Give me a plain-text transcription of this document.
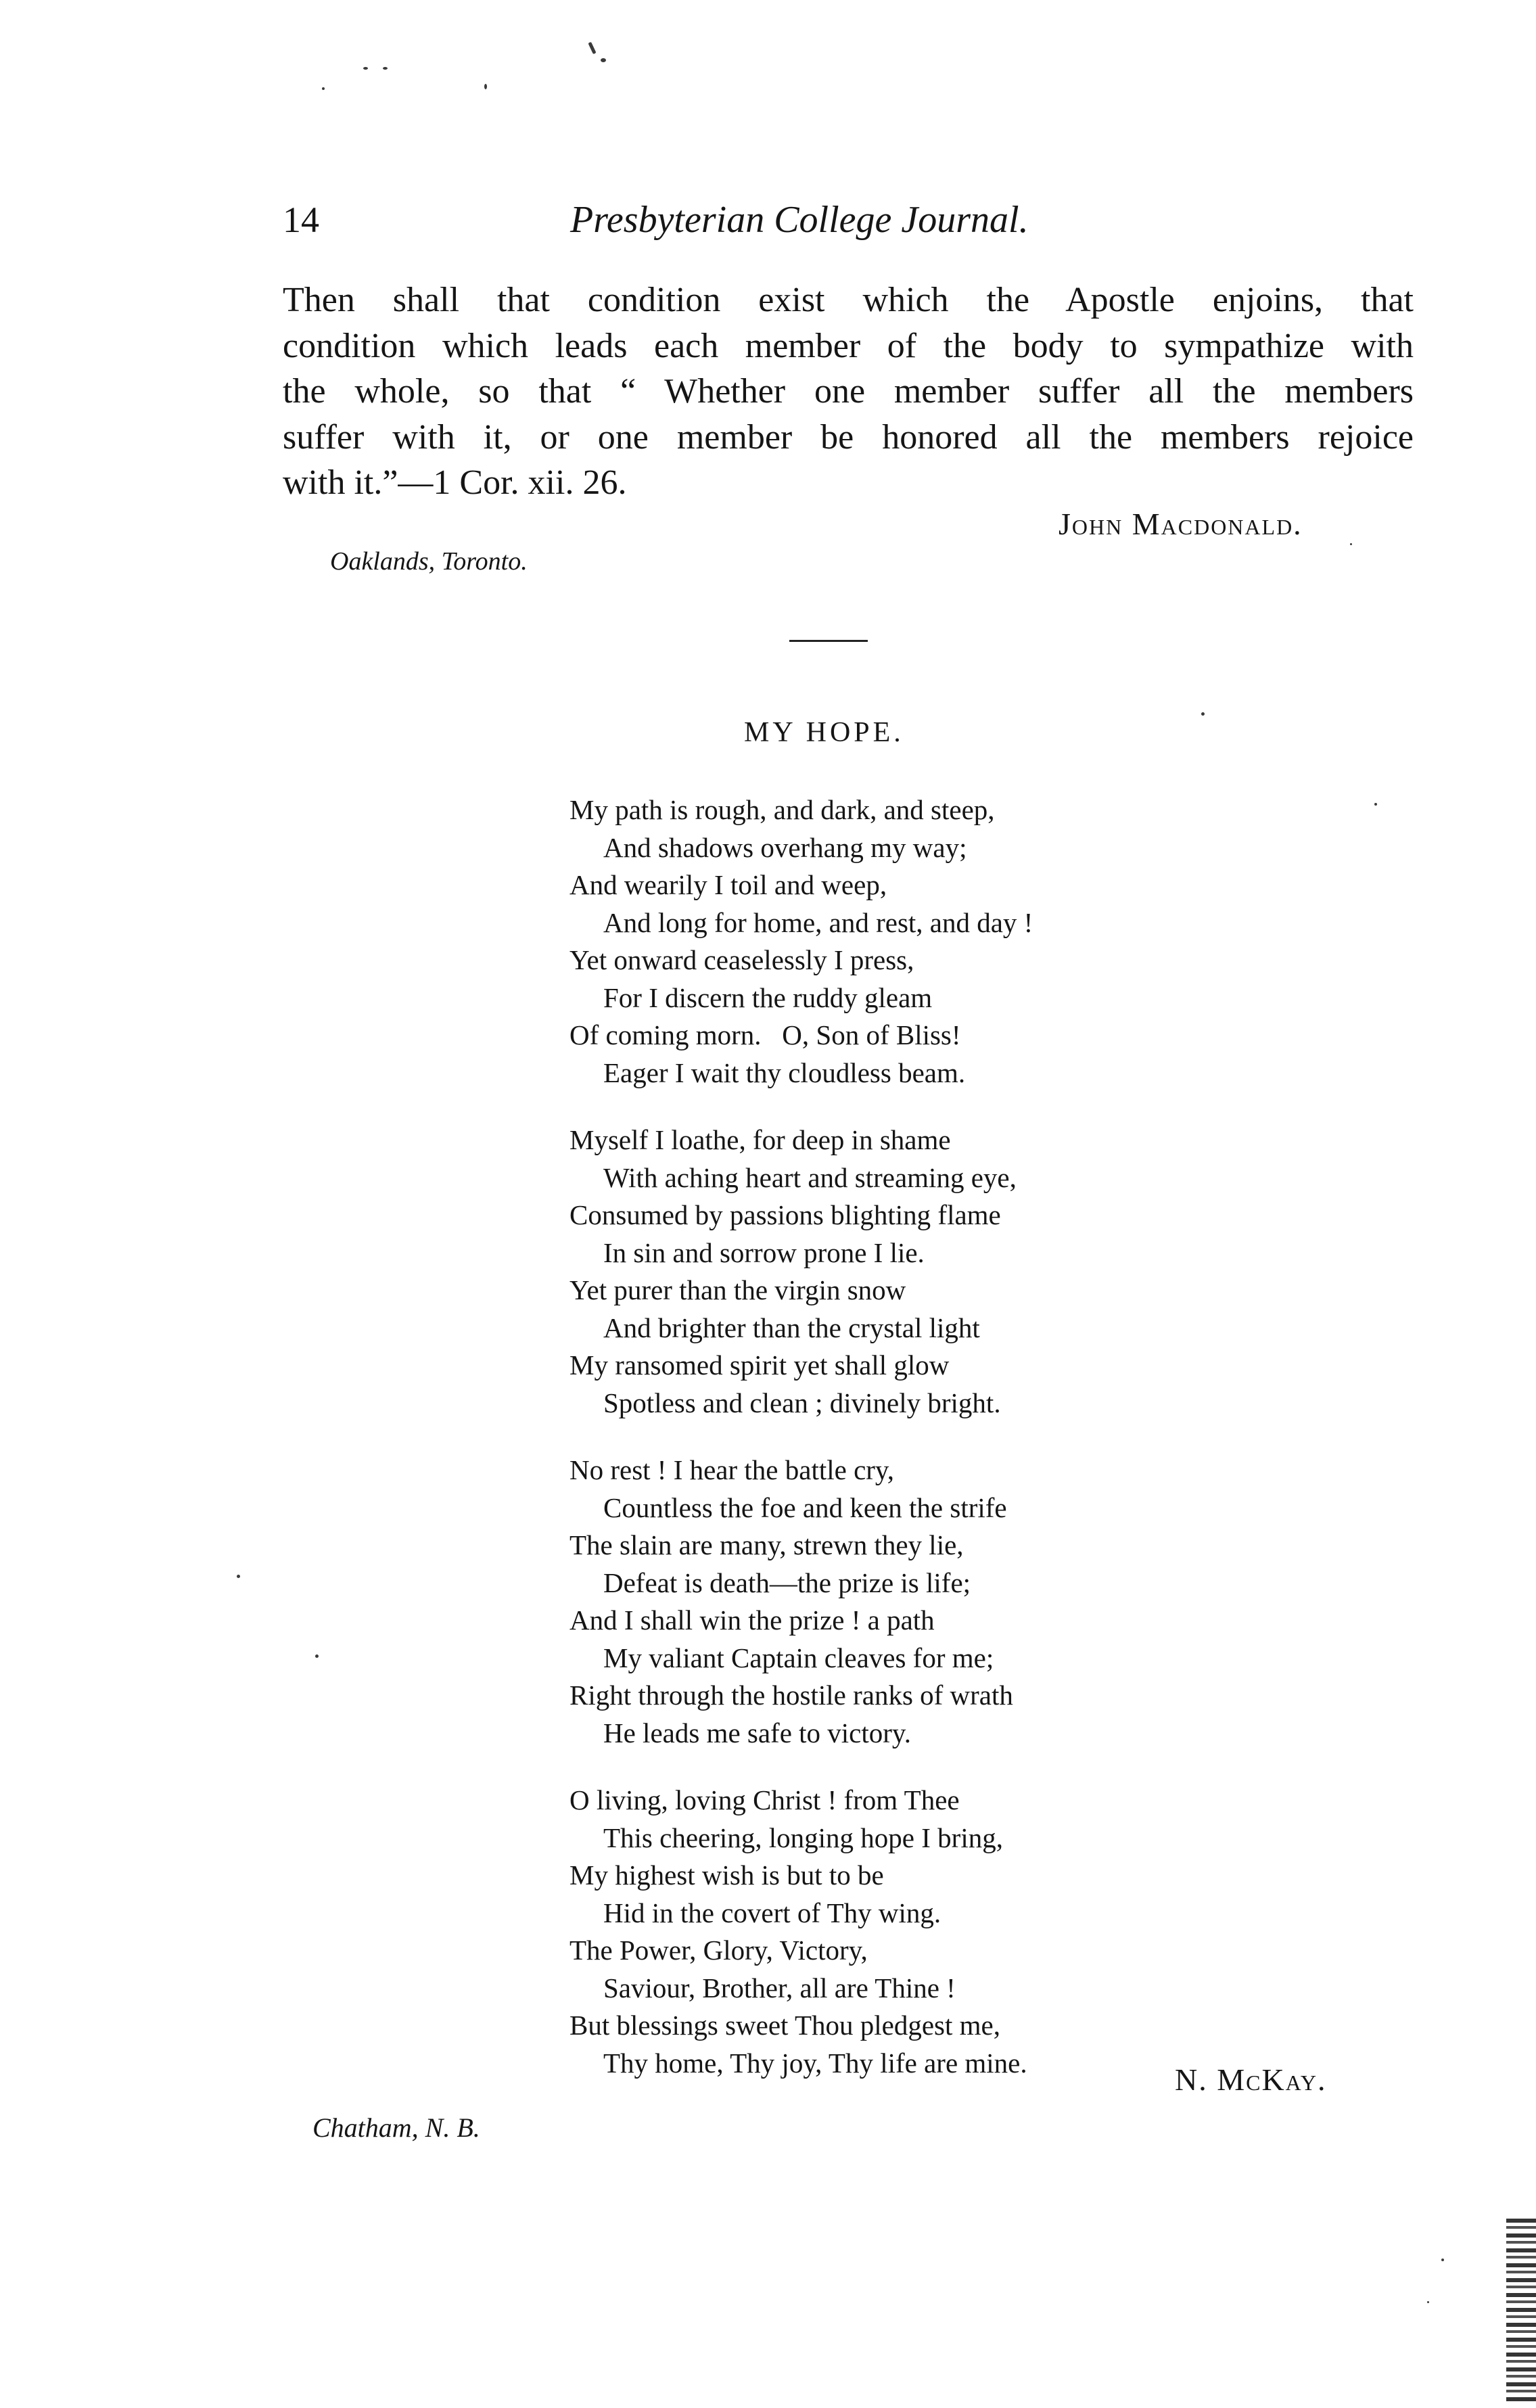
14	Presbyterian College Journal.
Then shall that condition exist which the Apostle enjoins, that
condition which leads each member of the body to sympathize with
the whole, so that “ Whether one member suffer all the members
suffer with it, or one member be honored all the members rejoice
with it.”—1 Cor. xii. 26.
John Macdonald.
Oaklands, Toronto.
MY HOPE.
My path is rough, and dark, and steep,
And shadows overhang my way;
And wearily I toil and weep,
And long for home, and rest, and day !
Yet onward ceaselessly I press,
For I discern the ruddy gleam
Of coming morn.   O, Son of Bliss!
Eager I wait thy cloudless beam.
Myself I loathe, for deep in shame
With aching heart and streaming eye,
Consumed by passions blighting flame
In sin and sorrow prone I lie.
Yet purer than the virgin snow
And brighter than the crystal light
My ransomed spirit yet shall glow
Spotless and clean ; divinely bright.
No rest ! I hear the battle cry,
Countless the foe and keen the strife
The slain are many, strewn they lie,
Defeat is death—the prize is life;
And I shall win the prize ! a path
My valiant Captain cleaves for me;
Right through the hostile ranks of wrath
He leads me safe to victory.
O living, loving Christ ! from Thee
This cheering, longing hope I bring,
My highest wish is but to be
Hid in the covert of Thy wing.
The Power, Glory, Victory,
Saviour, Brother, all are Thine !
But blessings sweet Thou pledgest me,
Thy home, Thy joy, Thy life are mine.	N. McKay.
Chatham, N. B.
